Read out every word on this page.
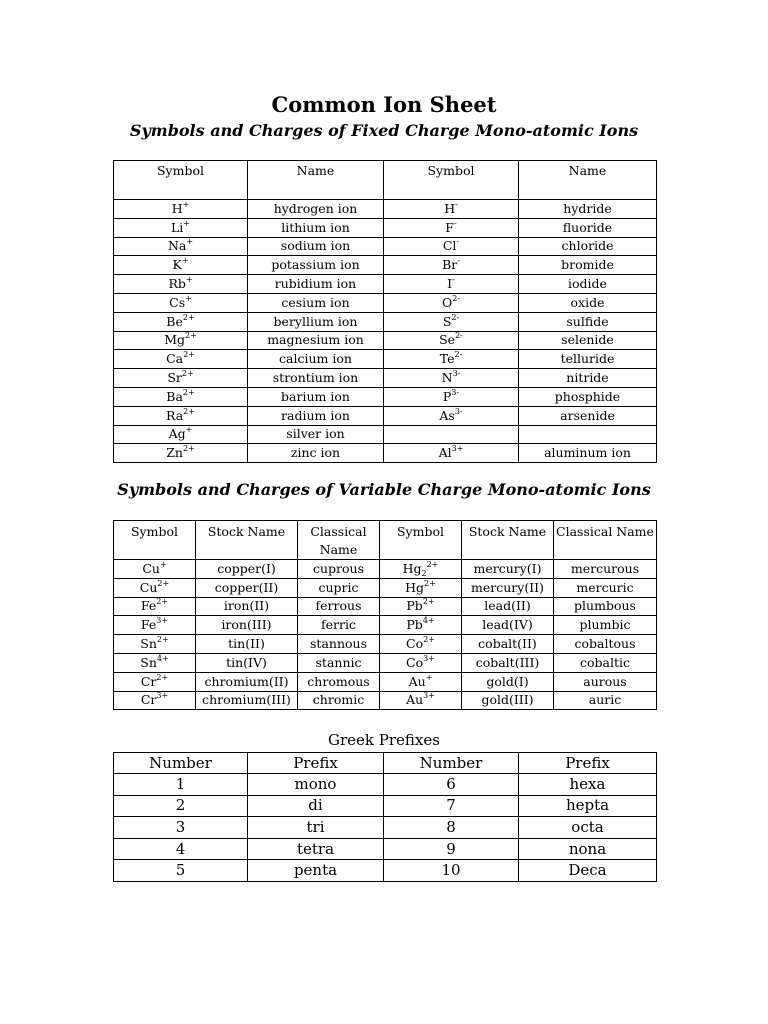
Common Ion Sheet
Symbols and Charges of Fixed Charge Mono-atomic Ions
Symbol	Name	Symbol	Name
H+	hydrogen ion	H-	hydride
Li+	lithium ion	F-	fluoride
Na+	sodium ion	Cl-	chloride
K+	potassium ion	Br-	bromide
Rb+	rubidium ion	I-	iodide
Cs+	cesium ion	$O^{2-}$	oxide
$Be^{2+}$	beryllium ion	$S^{2-}$	sulfide
$Mg^{2+}$	magnesium ion	$Se^{2-}$	selenide
$Ca^{2+}$	calcium ion	$Te^{2-}$	telluride
$Sr^{2+}$	strontium ion	$N^{3-}$	nitride
$Ba^{2+}$	barium ion	$P^{3-}$	phosphide
$Ra^{2+}$	radium ion	$As^{3-}$	arsenide
Ag+	silver ion		
$Zn^{2+}$	zinc ion	$Al^{3+}$	aluminum ion
Symbols and Charges of Variable Charge Mono-atomic Ions
Symbol	Stock Name	Classical Name	Symbol	Stock Name	Classical Name
Cu+	copper(I)	cuprous	$Hg_2^{2+}$	mercury(I)	mercurous
$Cu^{2+}$	copper(II)	cupric	$Hg^{2+}$	mercury(II)	mercuric
$Fe^{2+}$	iron(II)	ferrous	$Pb^{2+}$	lead(II)	plumbous
$Fe^{3+}$	iron(III)	ferric	$Pb^{4+}$	lead(IV)	plumbic
$Sn^{2+}$	tin(II)	stannous	$Co^{2+}$	cobalt(II)	cobaltous
$Sn^{4+}$	tin(IV)	stannic	$Co^{3+}$	cobalt(III)	cobaltic
$Cr^{2+}$	chromium(II)	chromous	Au+	gold(I)	aurous
$Cr^{3+}$	chromium(III)	chromic	$Au^{3+}$	gold(III)	auric
Greek Prefixes
Number	Prefix	Number	Prefix
1	mono	6	hexa
2	di	7	hepta
3	tri	8	octa
4	tetra	9	nona
5	penta	10	Deca
